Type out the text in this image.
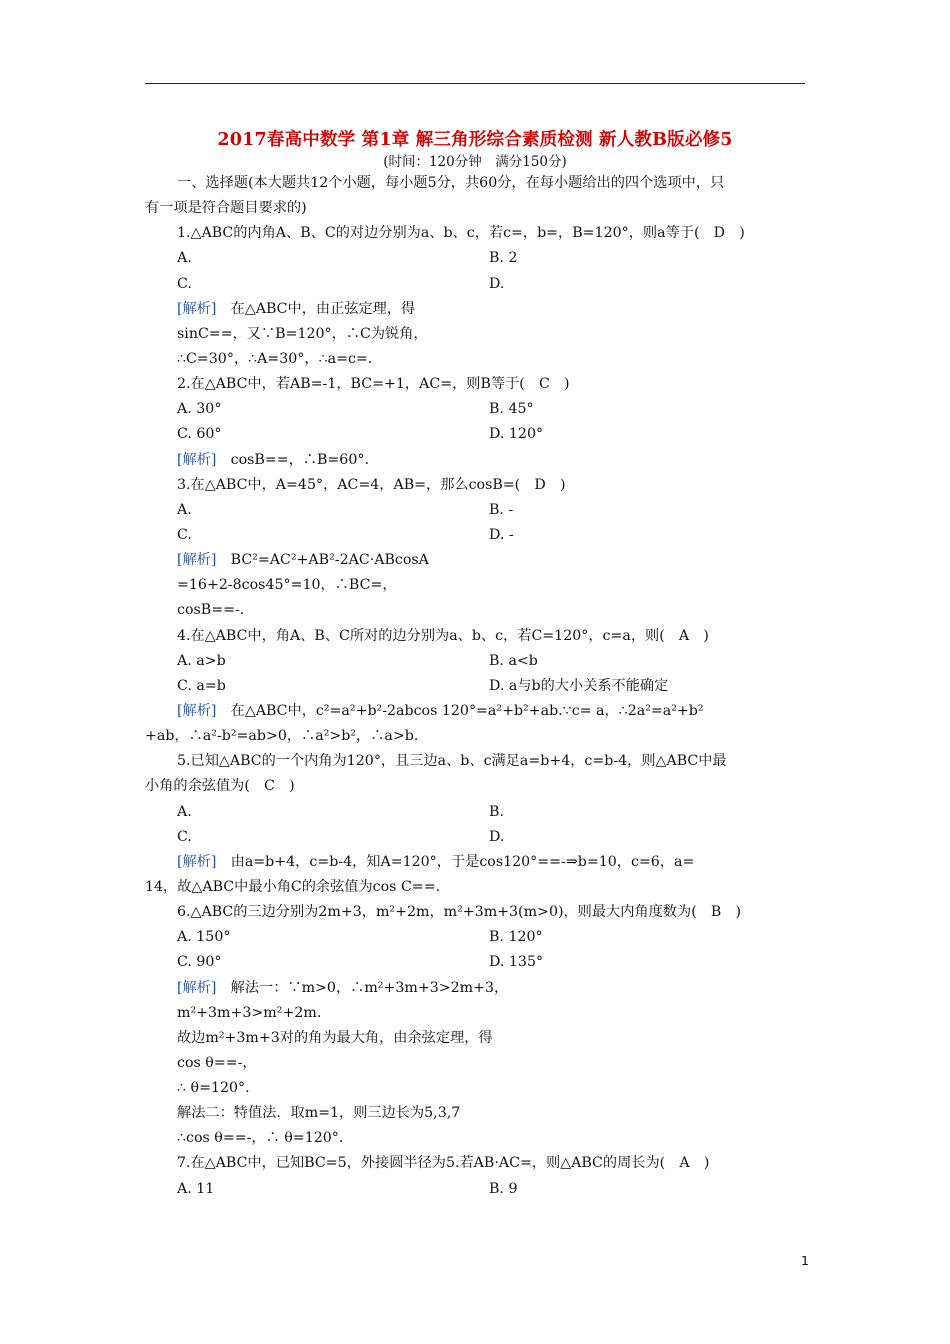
2017春高中数学 第1章 解三角形综合素质检测 新人教B版必修5
(时间：120分钟　满分150分)
一、选择题(本大题共12个小题，每小题5分，共60分，在每小题给出的四个选项中，只
有一项是符合题目要求的)
1.△ABC的内角A、B、C的对边分别为a、b、c，若c=，b=，B=120°，则a等于(　D　)
A.	B. 2
C.	D.
[解析]　在△ABC中，由正弦定理，得
sinC==，又∵B=120°，∴C为锐角，
∴C=30°，∴A=30°，∴a=c=.
2.在△ABC中，若AB=-1，BC=+1，AC=，则B等于(　C　)
A. 30°	B. 45°
C. 60°	D. 120°
[解析]　cosB==，∴B=60°.
3.在△ABC中，A=45°，AC=4，AB=，那么cosB=(　D　)
A.	B. -
C.	D. -
[解析]　BC²=AC²+AB²-2AC·ABcosA
=16+2-8cos45°=10，∴BC=，
cosB==-.
4.在△ABC中，角A、B、C所对的边分别为a、b、c，若C=120°，c=a，则(　A　)
A. a>b	B. a<b
C. a=b	D. a与b的大小关系不能确定
[解析]　在△ABC中，c²=a²+b²-2abcos 120°=a²+b²+ab.∵c= a，∴2a²=a²+b²
+ab，∴a²-b²=ab>0，∴a²>b²，∴a>b.
5.已知△ABC的一个内角为120°，且三边a、b、c满足a=b+4，c=b-4，则△ABC中最
小角的余弦值为(　C　)
A.	B.
C.	D.
[解析]　由a=b+4，c=b-4，知A=120°，于是cos120°==-⇒b=10，c=6，a=
14，故△ABC中最小角C的余弦值为cos C==.
6.△ABC的三边分别为2m+3，m²+2m，m²+3m+3(m>0)，则最大内角度数为(　B　)
A. 150°	B. 120°
C. 90°	D. 135°
[解析]　解法一：∵m>0，∴m²+3m+3>2m+3，
m²+3m+3>m²+2m.
故边m²+3m+3对的角为最大角，由余弦定理，得
cos θ==-，
∴ θ=120°.
解法二：特值法．取m=1，则三边长为5,3,7
∴cos θ==-，∴ θ=120°.
7.在△ABC中，已知BC=5，外接圆半径为5.若AB·AC=，则△ABC的周长为(　A　)
A. 11	B. 9
1
